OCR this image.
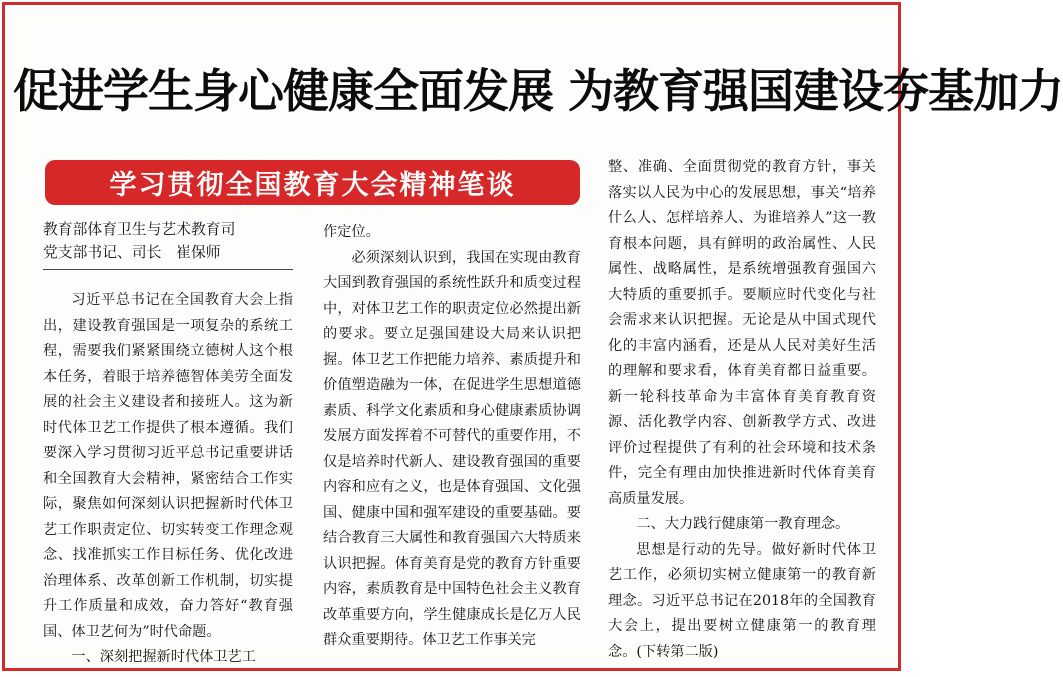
促进学生身心健康全面发展 为教育强国建设夯基加力
学习贯彻全国教育大会精神笔谈
教育部体育卫生与艺术教育司
党支部书记、司长　崔保师

习近平总书记在全国教育大会上指出，建设教育强国是一项复杂的系统工程，需要我们紧紧围绕立德树人这个根本任务，着眼于培养德智体美劳全面发展的社会主义建设者和接班人。这为新时代体卫艺工作提供了根本遵循。我们要深入学习贯彻习近平总书记重要讲话和全国教育大会精神，紧密结合工作实际，聚焦如何深刻认识把握新时代体卫艺工作职责定位、切实转变工作理念观念、找准抓实工作目标任务、优化改进治理体系、改革创新工作机制，切实提升工作质量和成效，奋力答好“教育强国、体卫艺何为”时代命题。

一、深刻把握新时代体卫艺工

作定位。

必须深刻认识到，我国在实现由教育大国到教育强国的系统性跃升和质变过程中，对体卫艺工作的职责定位必然提出新的要求。要立足强国建设大局来认识把握。体卫艺工作把能力培养、素质提升和价值塑造融为一体，在促进学生思想道德素质、科学文化素质和身心健康素质协调发展方面发挥着不可替代的重要作用，不仅是培养时代新人、建设教育强国的重要内容和应有之义，也是体育强国、文化强国、健康中国和强军建设的重要基础。要结合教育三大属性和教育强国六大特质来认识把握。体育美育是党的教育方针重要内容，素质教育是中国特色社会主义教育改革重要方向，学生健康成长是亿万人民群众重要期待。体卫艺工作事关完

整、准确、全面贯彻党的教育方针，事关落实以人民为中心的发展思想，事关“培养什么人、怎样培养人、为谁培养人”这一教育根本问题，具有鲜明的政治属性、人民属性、战略属性，是系统增强教育强国六大特质的重要抓手。要顺应时代变化与社会需求来认识把握。无论是从中国式现代化的丰富内涵看，还是从人民对美好生活的理解和要求看，体育美育都日益重要。新一轮科技革命为丰富体育美育教育资源、活化教学内容、创新教学方式、改进评价过程提供了有利的社会环境和技术条件，完全有理由加快推进新时代体育美育高质量发展。

二、大力践行健康第一教育理念。

思想是行动的先导。做好新时代体卫艺工作，必须切实树立健康第一的教育新理念。习近平总书记在2018年的全国教育大会上，提出要树立健康第一的教育理念。(下转第二版)
